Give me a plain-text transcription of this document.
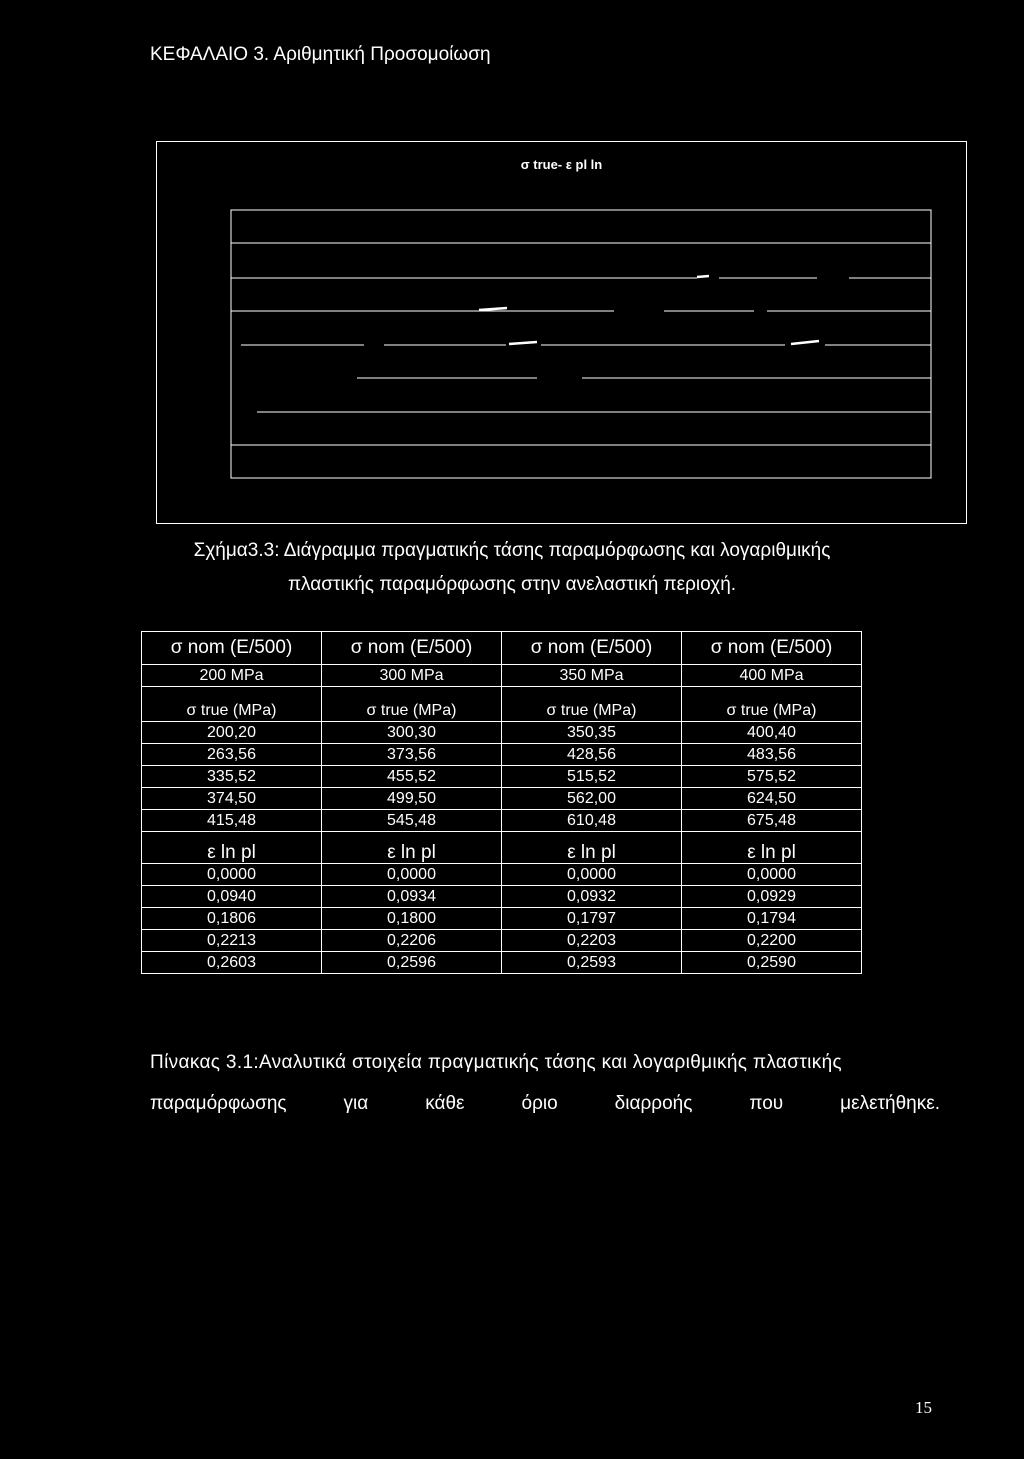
ΚΕΦΑΛΑΙΟ 3. Αριθμητική Προσομοίωση
σ true- ε pl ln
Σχήμα3.3: Διάγραμμα πραγματικής τάσης παραμόρφωσης και λογαριθμικής
πλαστικής παραμόρφωσης στην ανελαστική περιοχή.
σ nom (E/500)	σ nom (E/500)	σ nom (E/500)	σ nom (E/500)
200 MPa	300 MPa	350 MPa	400 MPa
σ true (MPa)	σ true (MPa)	σ true (MPa)	σ true (MPa)
200,20	300,30	350,35	400,40
263,56	373,56	428,56	483,56
335,52	455,52	515,52	575,52
374,50	499,50	562,00	624,50
415,48	545,48	610,48	675,48
ε ln pl	ε ln pl	ε ln pl	ε ln pl
0,0000	0,0000	0,0000	0,0000
0,0940	0,0934	0,0932	0,0929
0,1806	0,1800	0,1797	0,1794
0,2213	0,2206	0,2203	0,2200
0,2603	0,2596	0,2593	0,2590
Πίνακας 3.1:Αναλυτικά στοιχεία πραγματικής τάσης και λογαριθμικής πλαστικής
παραμόρφωσης	για	κάθε	όριο	διαρροής	που	μελετήθηκε.
15
